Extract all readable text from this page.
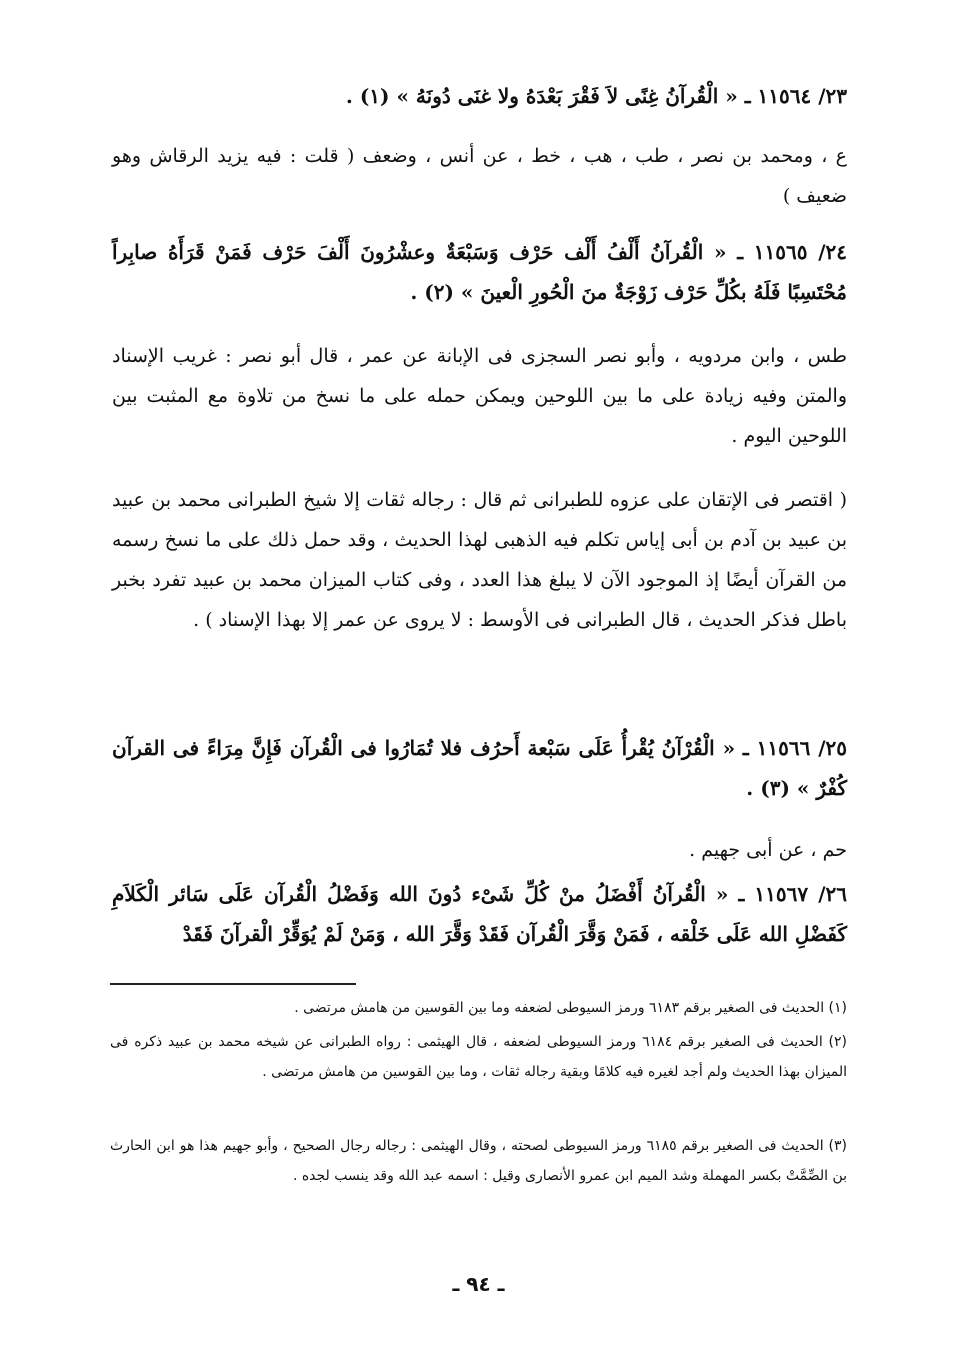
٢٣/ ١١٥٦٤ ـ « الْقُرآنُ غِنًى لاَ فَقْرَ بَعْدَهُ ولا غنَى دُونَهُ » (١) .
ع ، ومحمد بن نصر ، طب ، هب ، خط ، عن أنس ، وضعف ( قلت : فيه يزيد الرقاش وهو ضعيف )
٢٤/ ١١٥٦٥ ـ « الْقُرآنُ أَلْفُ أَلْف حَرْف وَسَبْعَةٌ وعشْرُونَ أَلْفَ حَرْف فَمَنْ قَرَأَهُ صابِراً مُحْتَسِبًا فَلَهُ بكُلِّ حَرْف زَوْجَةٌ منَ الْحُورِ الْعينَ » (٢) .
طس ، وابن مردويه ، وأبو نصر السجزى فى الإبانة عن عمر ، قال أبو نصر : غريب الإسناد والمتن وفيه زيادة على ما بين اللوحين ويمكن حمله على ما نسخ من تلاوة مع المثبت بين اللوحين اليوم .
( اقتصر فى الإتقان على عزوه للطبرانى ثم قال : رجاله ثقات إلا شيخ الطبرانى محمد بن عبيد بن عبيد بن آدم بن أبى إياس تكلم فيه الذهبى لهذا الحديث ، وقد حمل ذلك على ما نسخ رسمه من القرآن أيضًا إذ الموجود الآن لا يبلغ هذا العدد ، وفى كتاب الميزان محمد بن عبيد تفرد بخبر باطل فذكر الحديث ، قال الطبرانى فى الأوسط : لا يروى عن عمر إلا بهذا الإسناد ) .
٢٥/ ١١٥٦٦ ـ « الْقُرْآنُ يُقْرأُ عَلَى سَبْعة أَحرُف فلا تُمَارُوا فى الْقُرآن فَإِنَّ مِرَاءً فى القرآن كُفْرٌ » (٣) .
حم ، عن أبى جهيم .
٢٦/ ١١٥٦٧ ـ « الْقُرآنُ أَفْضَلُ منْ كُلِّ شَىْء دُونَ الله وَفَضْلُ الْقُرآن عَلَى سَائر الْكَلاَمِ كَفَضْلِ الله عَلَى خَلْقه ، فَمَنْ وَقَّرَ الْقُرآن فَقَدْ وَقَّرَ الله ، وَمَنْ لَمْ يُوَقِّرْ الْقرآنَ فَقَدْ
(١) الحديث فى الصغير برقم ٦١٨٣ ورمز السيوطى لضعفه وما بين القوسين من هامش مرتضى .
(٢) الحديث فى الصغير برقم ٦١٨٤ ورمز السيوطى لضعفه ، قال الهيثمى : رواه الطبرانى عن شيخه محمد بن عبيد ذكره فى الميزان بهذا الحديث ولم أجد لغيره فيه كلامًا وبقية رجاله ثقات ، وما بين القوسين من هامش مرتضى .
(٣) الحديث فى الصغير برقم ٦١٨٥ ورمز السيوطى لصحته ، وقال الهيثمى : رجاله رجال الصحيح ، وأبو جهيم هذا هو ابن الحارث بن الصِّمَّتْ بكسر المهملة وشد الميم ابن عمرو الأنصارى وقيل : اسمه عبد الله وقد ينسب لجده .
ـ ٩٤ ـ
